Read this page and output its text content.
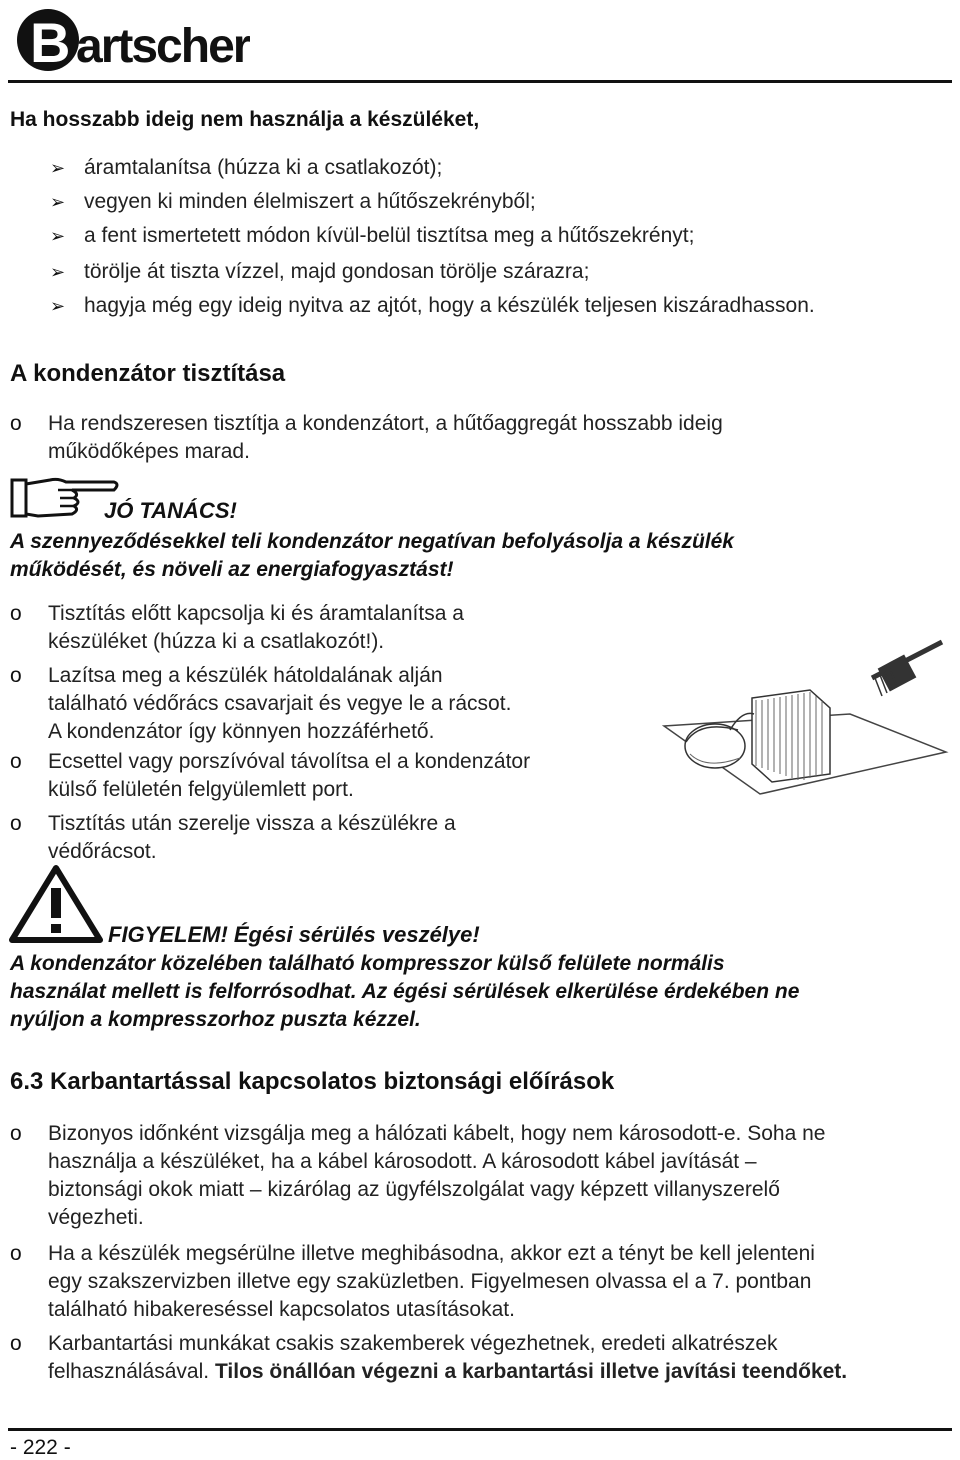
B artscher
Ha hosszabb ideig nem használja a készüléket,
➢ áramtalanítsa (húzza ki a csatlakozót);
➢ vegyen ki minden élelmiszert a hűtőszekrényből;
➢ a fent ismertetett módon kívül-belül tisztítsa meg a hűtőszekrényt;
➢ törölje át tiszta vízzel, majd gondosan törölje szárazra;
➢ hagyja még egy ideig nyitva az ajtót, hogy a készülék teljesen kiszáradhasson.
A kondenzátor tisztítása
o Ha rendszeresen tisztítja a kondenzátort, a hűtőaggregát hosszabb ideig
működőképes marad.
JÓ TANÁCS!
A szennyeződésekkel teli kondenzátor negatívan befolyásolja a készülék
működését, és növeli az energiafogyasztást!
o Tisztítás előtt kapcsolja ki és áramtalanítsa a
készüléket (húzza ki a csatlakozót!).
o Lazítsa meg a készülék hátoldalának alján
található védőrács csavarjait és vegye le a rácsot.
A kondenzátor így könnyen hozzáférhető.
o Ecsettel vagy porszívóval távolítsa el a kondenzátor
külső felületén felgyülemlett port.
o Tisztítás után szerelje vissza a készülékre a
védőrácsot.
FIGYELEM! Égési sérülés veszélye!
A kondenzátor közelében található kompresszor külső felülete normális
használat mellett is felforrósodhat. Az égési sérülések elkerülése érdekében ne
nyúljon a kompresszorhoz puszta kézzel.
6.3 Karbantartással kapcsolatos biztonsági előírások
o Bizonyos időnként vizsgálja meg a hálózati kábelt, hogy nem károsodott-e. Soha ne
használja a készüléket, ha a kábel károsodott. A károsodott kábel javítását –
biztonsági okok miatt – kizárólag az ügyfélszolgálat vagy képzett villanyszerelő
végezheti.
o Ha a készülék megsérülne illetve meghibásodna, akkor ezt a tényt be kell jelenteni
egy szakszervizben illetve egy szaküzletben. Figyelmesen olvassa el a 7. pontban
található hibakereséssel kapcsolatos utasításokat.
o Karbantartási munkákat csakis szakemberek végezhetnek, eredeti alkatrészek
felhasználásával. Tilos önállóan végezni a karbantartási illetve javítási teendőket.
- 222 -
